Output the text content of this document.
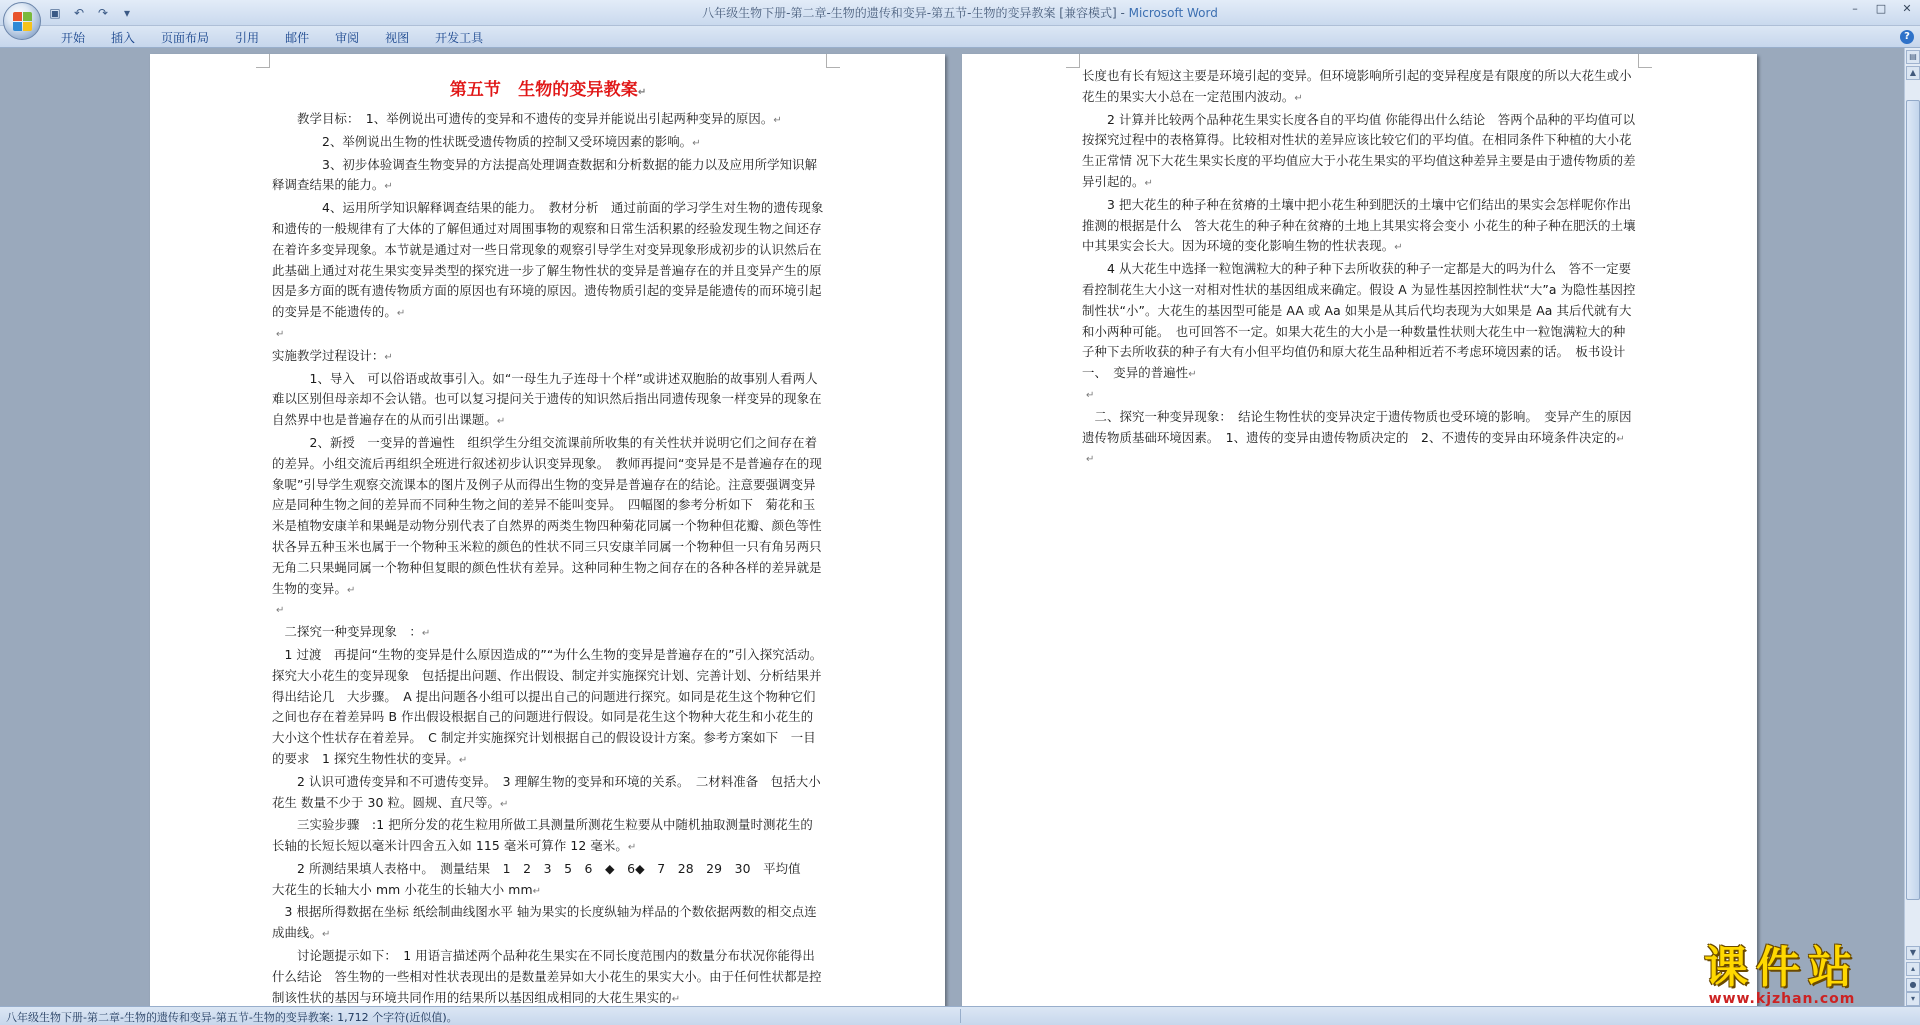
▣	↶	↷	▾	八年级生物下册-第二章-生物的遗传和变异-第五节-生物的变异教案 [兼容模式] - Microsoft Word	–	□	✕
开始	插入	页面布局	引用	邮件	审阅	视图	开发工具	?
第五节　生物的变异教案↵

　　教学目标：　1、举例说出可遗传的变异和不遗传的变异并能说出引起两种变异的原因。↵

　　　　2、举例说出生物的性状既受遗传物质的控制又受环境因素的影响。↵

　　　　3、初步体验调查生物变异的方法提高处理调查数据和分析数据的能力以及应用所学知识解释调查结果的能力。↵

　　　　4、运用所学知识解释调查结果的能力。　教材分析　通过前面的学习学生对生物的遗传现象和遗传的一般规律有了大体的了解但通过对周围事物的观察和日常生活积累的经验发现生物之间还存在着许多变异现象。本节就是通过对一些日常现象的观察引导学生对变异现象形成初步的认识然后在此基础上通过对花生果实变异类型的探究进一步了解生物性状的变异是普遍存在的并且变异产生的原因是多方面的既有遗传物质方面的原因也有环境的原因。遗传物质引起的变异是能遗传的而环境引起的变异是不能遗传的。↵

↵

实施教学过程设计：↵

　　　1、导入　可以俗语或故事引入。如“一母生九子连母十个样”或讲述双胞胎的故事别人看两人难以区别但母亲却不会认错。也可以复习提问关于遗传的知识然后指出同遗传现象一样变异的现象在自然界中也是普遍存在的从而引出课题。↵

　　　2、新授　一变异的普遍性　组织学生分组交流课前所收集的有关性状并说明它们之间存在着的差异。小组交流后再组织全班进行叙述初步认识变异现象。　教师再提问“变异是不是普遍存在的现象呢”引导学生观察交流课本的图片及例子从而得出生物的变异是普遍存在的结论。注意要强调变异应是同种生物之间的差异而不同种生物之间的差异不能叫变异。　四幅图的参考分析如下　菊花和玉米是植物安康羊和果蝇是动物分别代表了自然界的两类生物四种菊花同属一个物种但花瓣、颜色等性状各异五种玉米也属于一个物种玉米粒的颜色的性状不同三只安康羊同属一个物种但一只有角另两只无角二只果蝇同属一个物种但复眼的颜色性状有差异。这种同种生物之间存在的各种各样的差异就是生物的变异。↵

↵

　二探究一种变异现象　：↵

　1 过渡　再提问“生物的变异是什么原因造成的”“为什么生物的变异是普遍存在的”引入探究活动。　探究大小花生的变异现象　包括提出问题、作出假设、制定并实施探究计划、完善计划、分析结果并得出结论几　大步骤。　A 提出问题各小组可以提出自己的问题进行探究。如同是花生这个物种它们之间也存在着差异吗 B 作出假设根据自己的问题进行假设。如同是花生这个物种大花生和小花生的大小这个性状存在着差异。　C 制定并实施探究计划根据自己的假设设计方案。参考方案如下　一目的要求　1 探究生物性状的变异。↵

　　2 认识可遗传变异和不可遗传变异。　3 理解生物的变异和环境的关系。　二材料准备　包括大小花生 数量不少于 30 粒。圆规、直尺等。↵

　　三实验步骤　:1 把所分发的花生粒用所做工具测量所测花生粒要从中随机抽取测量时测花生的长轴的长短长短以毫米计四舍五入如 115 毫米可算作 12 毫米。↵

　　2 所测结果填人表格中。　测量结果　1　2　3　5　6　◆　6◆　7　28　29　30　平均值　大花生的长轴大小 mm 小花生的长轴大小 mm↵

　3 根据所得数据在坐标 纸绘制曲线图水平 轴为果实的长度纵轴为样品的个数依据两数的相交点连成曲线。↵

　　讨论题提示如下：　1 用语言描述两个品种花生果实在不同长度范围内的数量分布状况你能得出什么结论　答生物的一些相对性状表现出的是数量差异如大小花生的果实大小。由于任何性状都是控制该性状的基因与环境共同作用的结果所以基因组成相同的大花生果实的↵

长度也有长有短这主要是环境引起的变异。但环境影响所引起的变异程度是有限度的所以大花生或小花生的果实大小总在一定范围内波动。↵

　　2 计算并比较两个品种花生果实长度各自的平均值 你能得出什么结论　答两个品种的平均值可以按探究过程中的表格算得。比较相对性状的差异应该比较它们的平均值。在相同条件下种植的大小花生正常情 况下大花生果实长度的平均值应大于小花生果实的平均值这种差异主要是由于遗传物质的差异引起的。↵

　　3 把大花生的种子种在贫瘠的土壤中把小花生种到肥沃的土壤中它们结出的果实会怎样呢你作出推测的根据是什么　答大花生的种子种在贫瘠的土地上其果实将会变小 小花生的种子种在肥沃的土壤中其果实会长大。因为环境的变化影响生物的性状表现。↵

　　4 从大花生中选择一粒饱满粒大的种子种下去所收获的种子一定都是大的吗为什么　答不一定要看控制花生大小这一对相对性状的基因组成来确定。假设 A 为显性基因控制性状“大”a 为隐性基因控制性状“小”。大花生的基因型可能是 AA 或 Aa 如果是从其后代均表现为大如果是 Aa 其后代就有大和小两种可能。　也可回答不一定。如果大花生的大小是一种数量性状则大花生中一粒饱满粒大的种子种下去所收获的种子有大有小但平均值仍和原大花生品种相近若不考虑环境因素的话。　板书设计　一、　变异的普遍性↵

↵

　二、探究一种变异现象：　结论生物性状的变异决定于遗传物质也受环境的影响。　变异产生的原因遗传物质基础环境因素。　1、遗传的变异由遗传物质决定的　2、不遗传的变异由环境条件决定的↵

↵

▤
▲
▼
▴
●
▾
八年级生物下册-第二章-生物的遗传和变异-第五节-生物的变异教案: 1,712 个字符(近似值)。
课件站
www.kjzhan.com
